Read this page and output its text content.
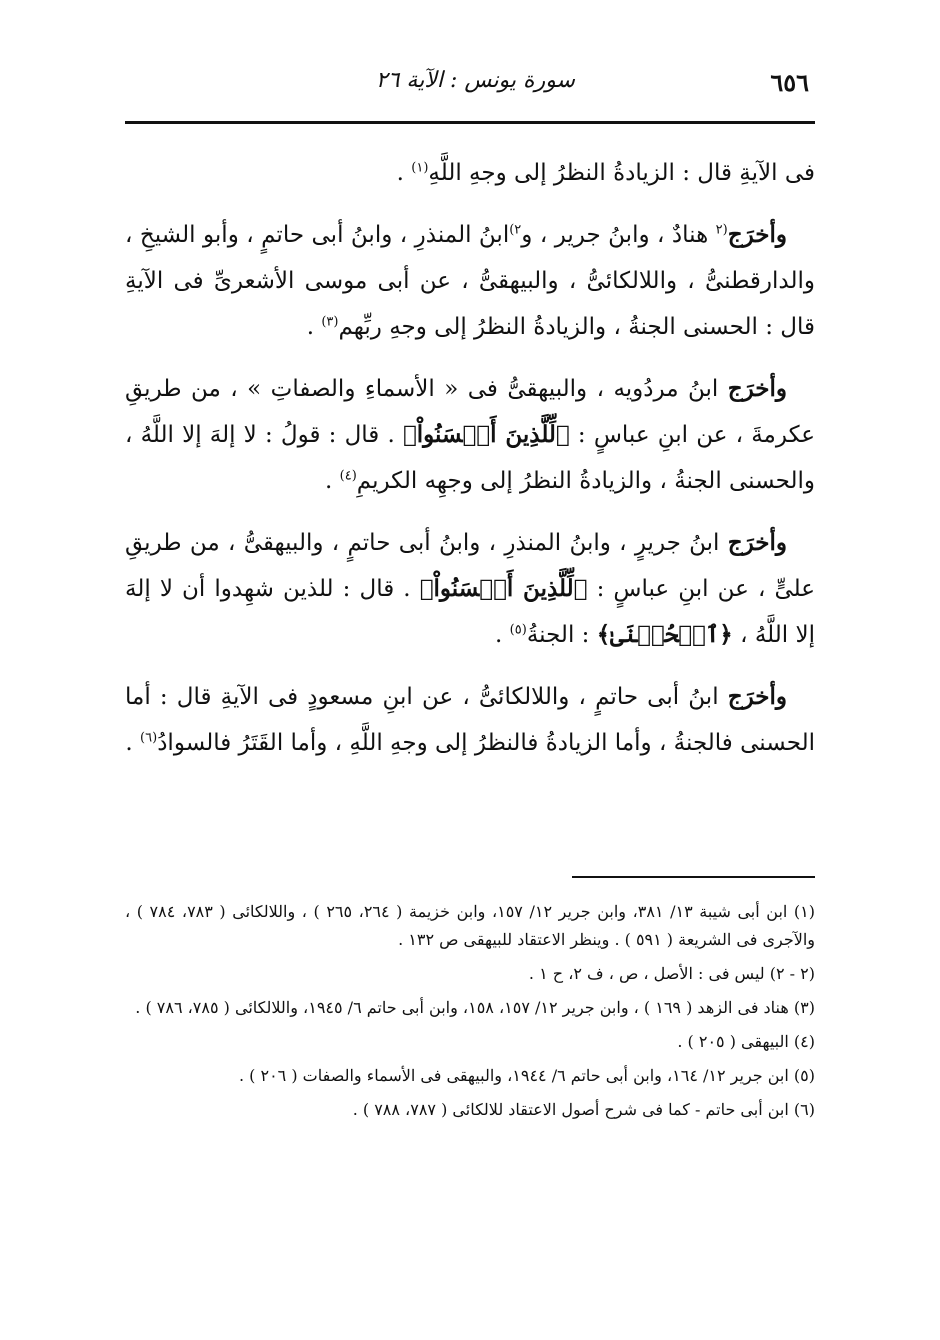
٦٥٦
سورة يونس : الآية ٢٦

فى الآيةِ قال : الزيادةُ النظرُ إلى وجهِ اللَّهِ$^{(١)}$ .

وأخرَج$^{(٢}$ هنادٌ ، وابنُ جرير ، و$^{٢)}$ابنُ المنذرِ ، وابنُ أبى حاتمٍ ، وأبو الشيخِ ، والدارقطنىُّ ، واللالكائىُّ ، والبيهقىُّ ، عن أبى موسى الأشعرىِّ فى الآيةِ قال : الحسنى الجنةُ ، والزيادةُ النظرُ إلى وجهِ ربِّهم$^{(٣)}$ .

وأخرَج ابنُ مردُويه ، والبيهقىُّ فى « الأسماءِ والصفاتِ » ، من طريقِ عكرمةَ ، عن ابنِ عباسٍ : ﴿لِّلَّذِينَ أَحۡسَنُواْ﴾ . قال : قولُ : لا إلهَ إلا اللَّهُ ، والحسنى الجنةُ ، والزيادةُ النظرُ إلى وجهِه الكريمِ$^{(٤)}$ .

وأخرَج ابنُ جريرٍ ، وابنُ المنذرِ ، وابنُ أبى حاتمٍ ، والبيهقىُّ ، من طريقِ علىٍّ ، عن ابنِ عباسٍ : ﴿لِّلَّذِينَ أَحۡسَنُواْ﴾ . قال : للذين شهِدوا أن لا إلهَ إلا اللَّهُ ، ﴿ٱلۡحُسۡنَىٰ﴾ : الجنةُ$^{(٥)}$ .

وأخرَج ابنُ أبى حاتمٍ ، واللالكائىُّ ، عن ابنِ مسعودٍ فى الآيةِ قال : أما الحسنى فالجنةُ ، وأما الزيادةُ فالنظرُ إلى وجهِ اللَّهِ ، وأما القَتَرُ فالسوادُ$^{(٦)}$ .

(١) ابن أبى شيبة ١٣/ ٣٨١، وابن جرير ١٢/ ١٥٧، وابن خزيمة ( ٢٦٤، ٢٦٥ ) ، واللالكائى ( ٧٨٣، ٧٨٤ ) ، والآجرى فى الشريعة ( ٥٩١ ) . وينظر الاعتقاد للبيهقى ص ١٣٢ .

(٢ - ٢) ليس فى : الأصل ، ص ، ف ٢، ح ١ .

(٣) هناد فى الزهد ( ١٦٩ ) ، وابن جرير ١٢/ ١٥٧، ١٥٨، وابن أبى حاتم ٦/ ١٩٤٥، واللالكائى ( ٧٨٥، ٧٨٦ ) .

(٤) البيهقى ( ٢٠٥ ) .

(٥) ابن جرير ١٢/ ١٦٤، وابن أبى حاتم ٦/ ١٩٤٤، والبيهقى فى الأسماء والصفات ( ٢٠٦ ) .

(٦) ابن أبى حاتم - كما فى شرح أصول الاعتقاد للالكائى ( ٧٨٧، ٧٨٨ ) .
